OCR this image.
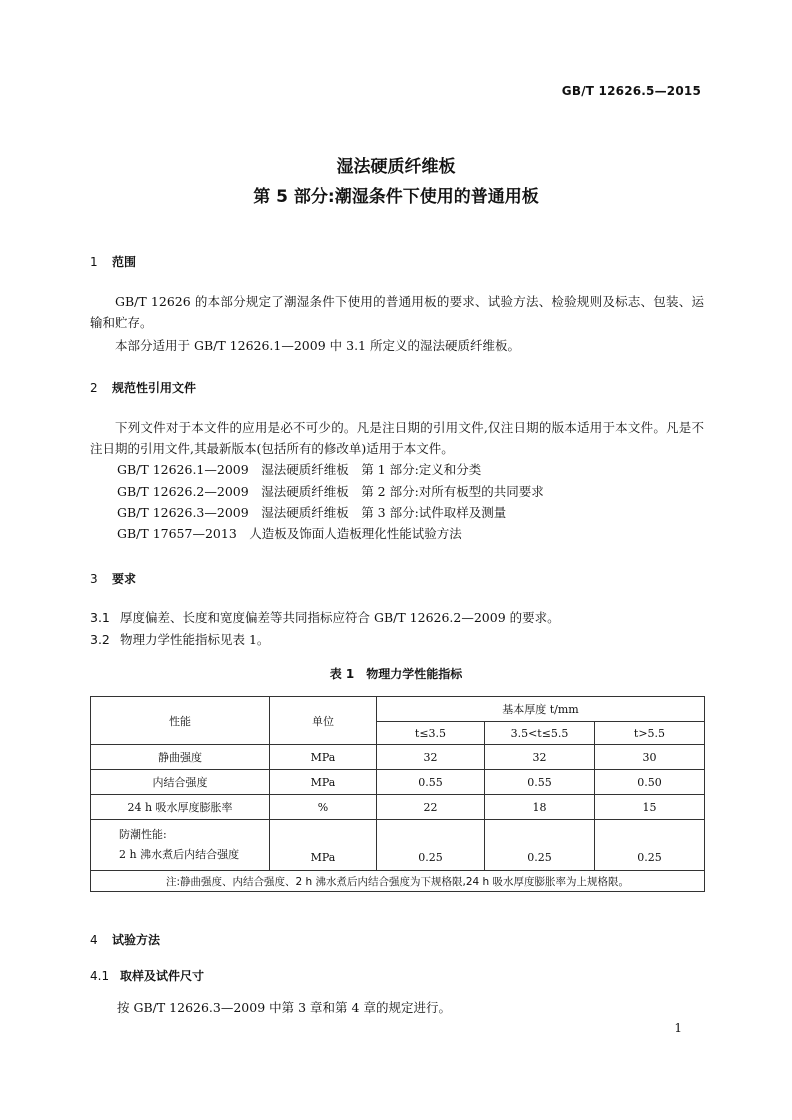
GB/T 12626.5—2015
湿法硬质纤维板
第 5 部分:潮湿条件下使用的普通用板
1 范围
GB/T 12626 的本部分规定了潮湿条件下使用的普通用板的要求、试验方法、检验规则及标志、包装、运输和贮存。
本部分适用于 GB/T 12626.1—2009 中 3.1 所定义的湿法硬质纤维板。
2 规范性引用文件
下列文件对于本文件的应用是必不可少的。凡是注日期的引用文件,仅注日期的版本适用于本文件。凡是不注日期的引用文件,其最新版本(包括所有的修改单)适用于本文件。
GB/T 12626.1—2009　湿法硬质纤维板　第 1 部分:定义和分类
GB/T 12626.2—2009　湿法硬质纤维板　第 2 部分:对所有板型的共同要求
GB/T 12626.3—2009　湿法硬质纤维板　第 3 部分:试件取样及测量
GB/T 17657—2013　人造板及饰面人造板理化性能试验方法
3 要求
3.1 厚度偏差、长度和宽度偏差等共同指标应符合 GB/T 12626.2—2009 的要求。
3.2 物理力学性能指标见表 1。
表 1　物理力学性能指标
性能	单位	基本厚度 t/mm		
		t≤3.5	3.5<t≤5.5	t>5.5
静曲强度	MPa	32	32	30
内结合强度	MPa	0.55	0.55	0.50
24 h 吸水厚度膨胀率	%	22	18	15

防潮性能:
2 h 沸水煮后内结合强度	MPa	0.25	0.25	0.25
注:静曲强度、内结合强度、2 h 沸水煮后内结合强度为下规格限,24 h 吸水厚度膨胀率为上规格限。				
4 试验方法
4.1 取样及试件尺寸
按 GB/T 12626.3—2009 中第 3 章和第 4 章的规定进行。
1
